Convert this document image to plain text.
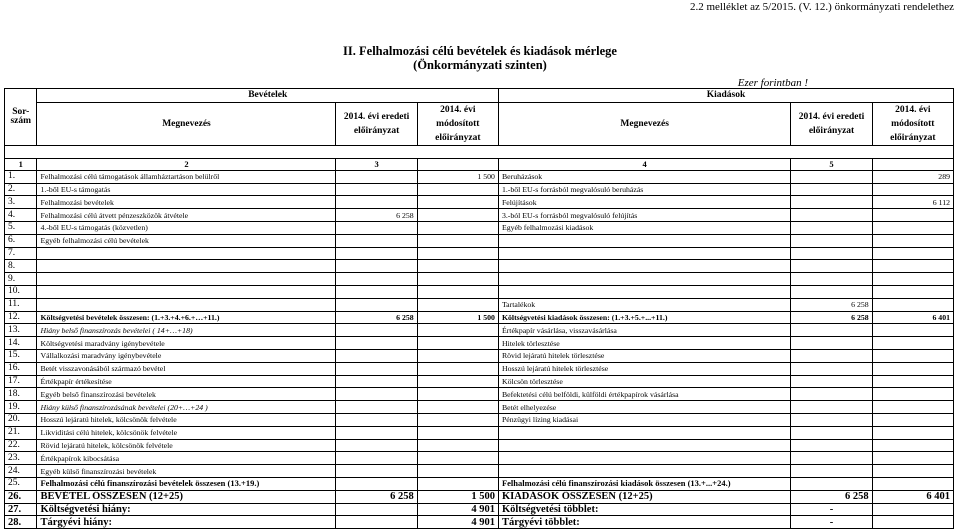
2.2 melléklet az 5/2015. (V. 12.) önkormányzati rendelethez
II. Felhalmozási célú bevételek és kiadások mérlege
(Önkormányzati szinten)
Ezer forintban !
Sor-szám	Bevételek			Kiadások		
	Megnevezés	2014. évi eredeti előirányzat	2014. évi módosított előirányzat	Megnevezés	2014. évi eredeti előirányzat	2014. évi módosított előirányzat

1	2	3		4	5	
1.	Felhalmozási célú támogatások államháztartáson belülről		1 500	Beruházások		289
2.	1.-ből EU-s támogatás			1.-ből EU-s forrásból megvalósuló beruházás		
3.	Felhalmozási bevételek			Felújítások		6 112
4.	Felhalmozási célú átvett pénzeszközök átvétele	6 258		3.-ból EU-s forrásból megvalósuló felújítás		
5.	4.-ből EU-s támogatás (közvetlen)			Egyéb felhalmozási kiadások		
6.	Egyéb felhalmozási célú bevételek					
7.						
8.						
9.						
10.						
11.				Tartalékok	6 258	
12.	Költségvetési bevételek összesen: (1.+3.+4.+6.+…+11.)	6 258	1 500	Költségvetési kiadások összesen: (1.+3.+5.+...+11.)	6 258	6 401
13.	Hiány belső finanszírozás bevételei ( 14+…+18)			Értékpapír vásárlása, visszavásárlása		
14.	Költségvetési maradvány igénybevétele			Hitelek törlesztése		
15.	Vállalkozási maradvány igénybevétele			Rövid lejáratú hitelek törlesztése		
16.	Betét visszavonásából származó bevétel			Hosszú lejáratú hitelek törlesztése		
17.	Értékpapír értékesítése			Kölcsön törlesztése		
18.	Egyéb belső finanszírozási bevételek			Befektetési célú belföldi, külföldi értékpapírok vásárlása		
19.	Hiány külső finanszírozásának bevételei (20+…+24 )			Betét elhelyezése		
20.	Hosszú lejáratú hitelek, kölcsönök felvétele			Pénzügyi lízing kiadásai		
21.	Likviditási célú hitelek, kölcsönök felvétele					
22.	Rövid lejáratú hitelek, kölcsönök felvétele					
23.	Értékpapírok kibocsátása					
24.	Egyéb külső finanszírozási bevételek					
25.	Felhalmozási célú finanszírozási bevételek összesen (13.+19.)			Felhalmozási célú finanszírozási kiadások összesen (13.+...+24.)		
26.	BEVÉTEL ÖSSZESEN (12+25)	6 258	1 500	KIADÁSOK ÖSSZESEN (12+25)	6 258	6 401
27.	Költségvetési hiány:		4 901	Költségvetési többlet:	-	
28.	Tárgyévi hiány:		4 901	Tárgyévi többlet:	-	
